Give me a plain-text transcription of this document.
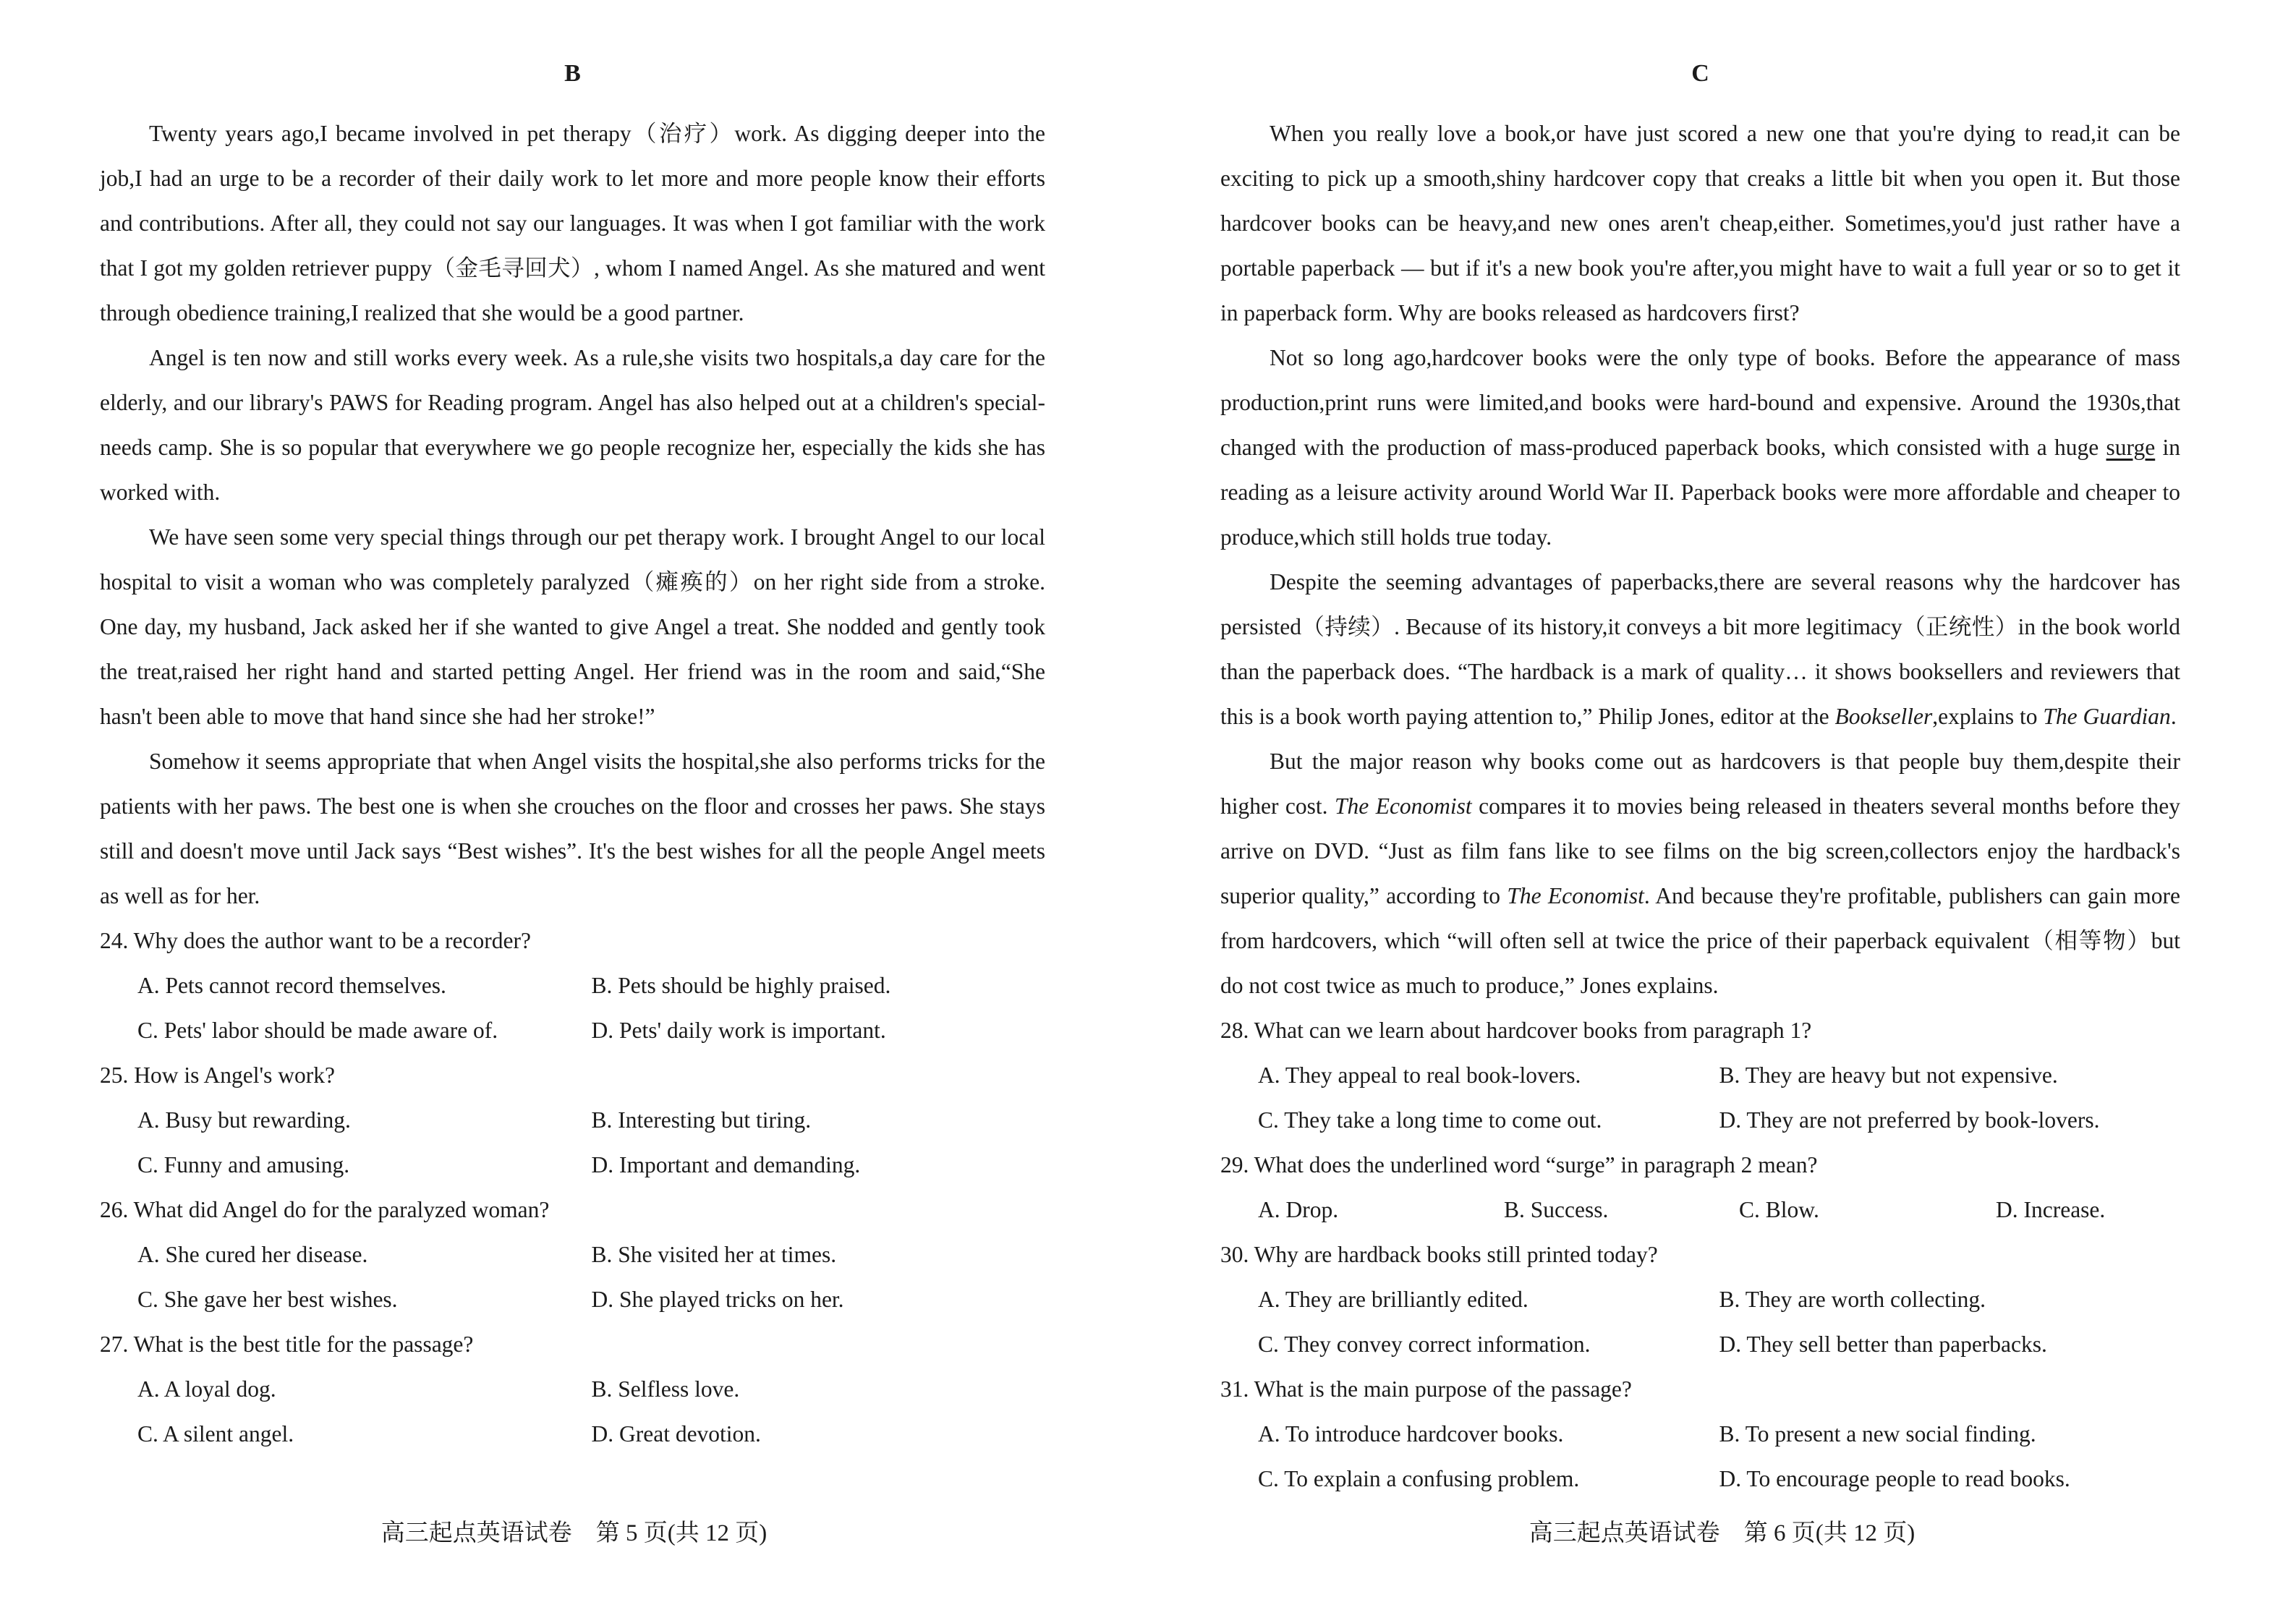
B

Twenty years ago,I became involved in pet therapy（治疗）work. As digging deeper into the job,I had an urge to be a recorder of their daily work to let more and more people know their efforts and contributions. After all, they could not say our languages. It was when I got familiar with the work that I got my golden retriever puppy（金毛寻回犬）, whom I named Angel. As she matured and went through obedience training,I realized that she would be a good partner.

Angel is ten now and still works every week. As a rule,she visits two hospitals,a day care for the elderly, and our library's PAWS for Reading program. Angel has also helped out at a children's special-needs camp. She is so popular that everywhere we go people recognize her, especially the kids she has worked with.

We have seen some very special things through our pet therapy work. I brought Angel to our local hospital to visit a woman who was completely paralyzed（瘫痪的）on her right side from a stroke. One day, my husband, Jack asked her if she wanted to give Angel a treat. She nodded and gently took the treat,raised her right hand and started petting Angel. Her friend was in the room and said,“She hasn't been able to move that hand since she had her stroke!”

Somehow it seems appropriate that when Angel visits the hospital,she also performs tricks for the patients with her paws. The best one is when she crouches on the floor and crosses her paws. She stays still and doesn't move until Jack says “Best wishes”. It's the best wishes for all the people Angel meets as well as for her.

24. Why does the author want to be a recorder?
A. Pets cannot record themselves.	B. Pets should be highly praised.
C. Pets' labor should be made aware of.	D. Pets' daily work is important.
25. How is Angel's work?
A. Busy but rewarding.	B. Interesting but tiring.
C. Funny and amusing.	D. Important and demanding.
26. What did Angel do for the paralyzed woman?
A. She cured her disease.	B. She visited her at times.
C. She gave her best wishes.	D. She played tricks on her.
27. What is the best title for the passage?
A. A loyal dog.	B. Selfless love.
C. A silent angel.	D. Great devotion.
高三起点英语试卷　第 5 页(共 12 页)
C

When you really love a book,or have just scored a new one that you're dying to read,it can be exciting to pick up a smooth,shiny hardcover copy that creaks a little bit when you open it. But those hardcover books can be heavy,and new ones aren't cheap,either. Sometimes,you'd just rather have a portable paperback — but if it's a new book you're after,you might have to wait a full year or so to get it in paperback form. Why are books released as hardcovers first?

Not so long ago,hardcover books were the only type of books. Before the appearance of mass production,print runs were limited,and books were hard-bound and expensive. Around the 1930s,that changed with the production of mass-produced paperback books, which consisted with a huge surge in reading as a leisure activity around World War II. Paperback books were more affordable and cheaper to produce,which still holds true today.

Despite the seeming advantages of paperbacks,there are several reasons why the hardcover has persisted（持续）. Because of its history,it conveys a bit more legitimacy（正统性）in the book world than the paperback does. “The hardback is a mark of quality… it shows booksellers and reviewers that this is a book worth paying attention to,” Philip Jones, editor at the Bookseller,explains to The Guardian.

But the major reason why books come out as hardcovers is that people buy them,despite their higher cost. The Economist compares it to movies being released in theaters several months before they arrive on DVD. “Just as film fans like to see films on the big screen,collectors enjoy the hardback's superior quality,” according to The Economist. And because they're profitable, publishers can gain more from hardcovers, which “will often sell at twice the price of their paperback equivalent（相等物）but do not cost twice as much to produce,” Jones explains.

28. What can we learn about hardcover books from paragraph 1?
A. They appeal to real book-lovers.	B. They are heavy but not expensive.
C. They take a long time to come out.	D. They are not preferred by book-lovers.
29. What does the underlined word “surge” in paragraph 2 mean?
A. Drop.	B. Success.	C. Blow.	D. Increase.
30. Why are hardback books still printed today?
A. They are brilliantly edited.	B. They are worth collecting.
C. They convey correct information.	D. They sell better than paperbacks.
31. What is the main purpose of the passage?
A. To introduce hardcover books.	B. To present a new social finding.
C. To explain a confusing problem.	D. To encourage people to read books.
高三起点英语试卷　第 6 页(共 12 页)
